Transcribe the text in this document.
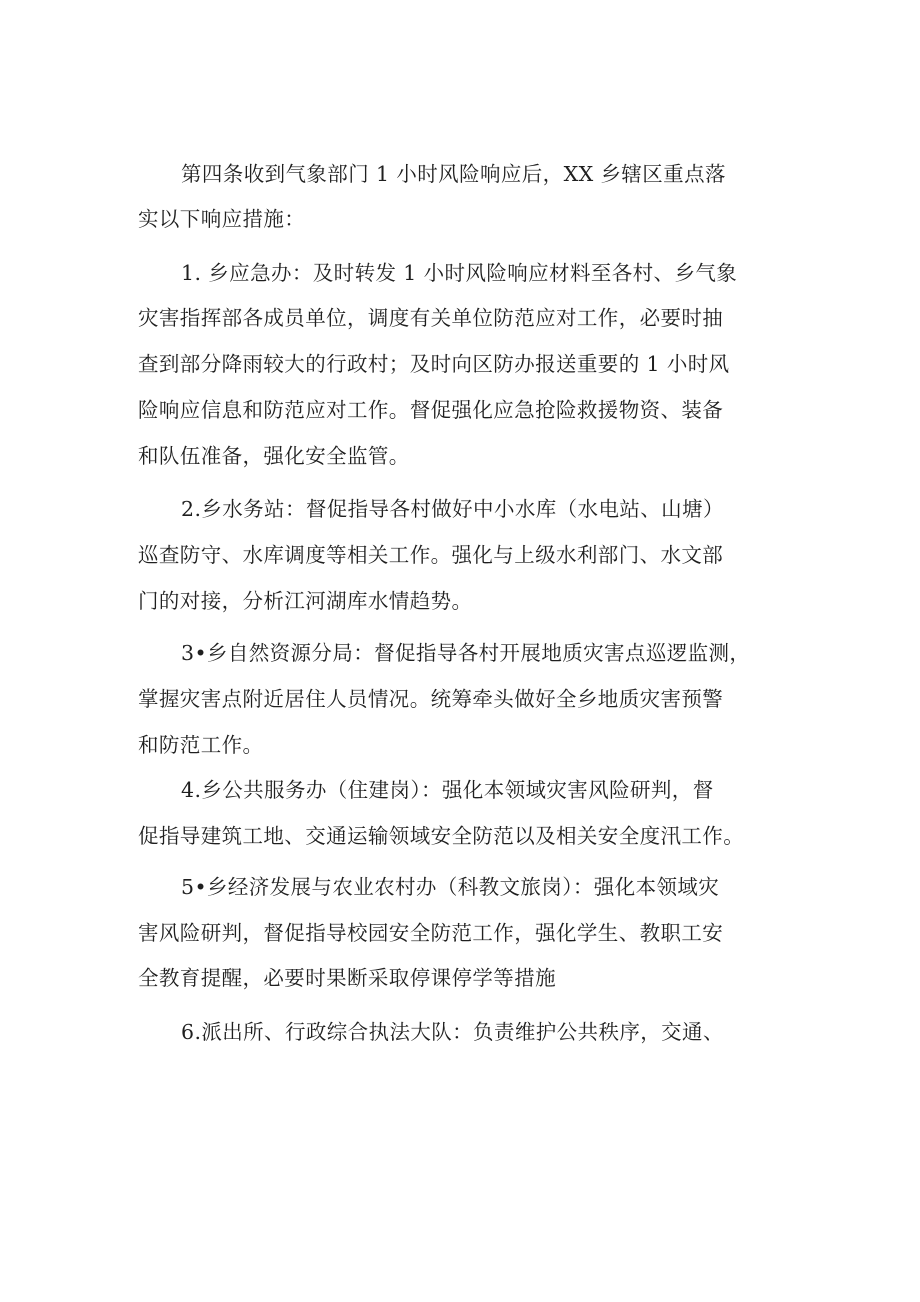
第四条收到气象部门 1 小时风险响应后，XX 乡辖区重点落
实以下响应措施：
1. 乡应急办：及时转发 1 小时风险响应材料至各村、乡气象
灾害指挥部各成员单位，调度有关单位防范应对工作，必要时抽
查到部分降雨较大的行政村；及时向区防办报送重要的 1 小时风
险响应信息和防范应对工作。督促强化应急抢险救援物资、装备
和队伍准备，强化安全监管。
2.乡水务站：督促指导各村做好中小水库（水电站、山塘）
巡查防守、水库调度等相关工作。强化与上级水利部门、水文部
门的对接，分析江河湖库水情趋势。
3•乡自然资源分局：督促指导各村开展地质灾害点巡逻监测，
掌握灾害点附近居住人员情况。统筹牵头做好全乡地质灾害预警
和防范工作。
4.乡公共服务办（住建岗）：强化本领域灾害风险研判，督
促指导建筑工地、交通运输领域安全防范以及相关安全度汛工作。
5•乡经济发展与农业农村办（科教文旅岗）：强化本领域灾
害风险研判，督促指导校园安全防范工作，强化学生、教职工安
全教育提醒，必要时果断采取停课停学等措施
6.派出所、行政综合执法大队：负责维护公共秩序，交通、
